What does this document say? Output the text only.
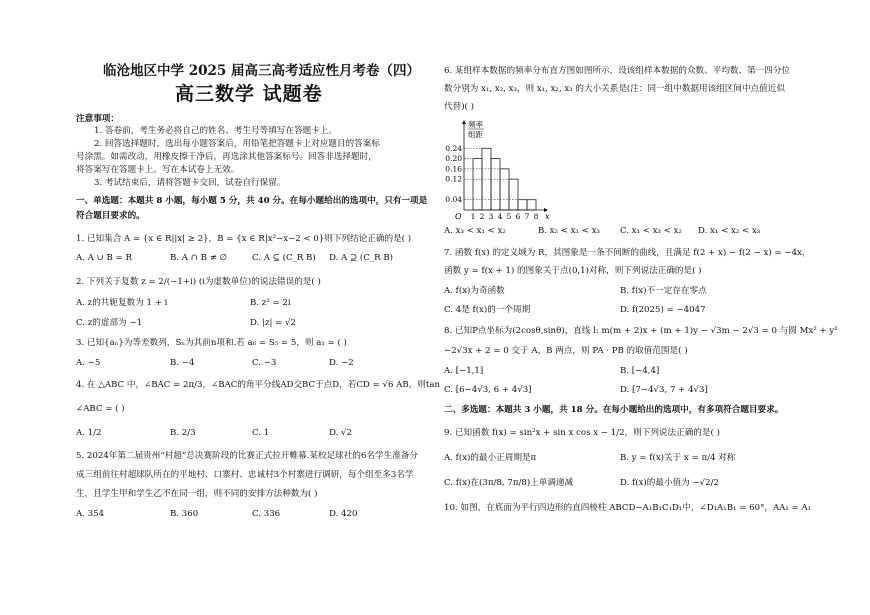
临沧地区中学 2025 届高三高考适应性月考卷（四）
高三数学 试题卷
注意事项：
1. 答卷前，考生务必将自己的姓名、考生号等填写在答题卡上。
2. 回答选择题时，选出每小题答案后，用铅笔把答题卡上对应题目的答案标
号涂黑。如需改动，用橡皮擦干净后，再选涂其他答案标号。回答非选择题时，
将答案写在答题卡上。写在本试卷上无效。
3. 考试结束后，请将答题卡交回，试卷自行保留。
一、单选题：本题共 8 小题，每小题 5 分，共 40 分。在每小题给出的选项中，只有一项是
符合题目要求的。
1. 已知集合 A = {x ∈ R||x| ≥ 2}，B = {x ∈ R|x²−x−2 < 0}则下列结论正确的是( )
A. A ∪ B = R	B. A ∩ B ≠ ∅	C. A ⊆ (C_R B) D. A ⊇ (C_R B)
2. 下列关于复数 z = 2/(−1+i) (i为虚数单位)的说法错误的是( )
A. z的共轭复数为 1 + i	B. z² = 2i
C. z的虚部为 −1	D. |z| = √2
3. 已知{aₙ}为等差数列，Sₙ为其前n项和.若 a₆ = S₅ = 5，则 a₁ = ( )
A. −5	B. −4	C. −3	D. −2
4. 在 △ABC 中，∠BAC = 2π/3，∠BAC的角平分线AD交BC于点D，若CD = √6 AB，则tan
∠ABC = ( )
A. 1/2	B. 2/3	C. 1	D. √2
5. 2024年第二届贵州“村超”总决赛阶段的比赛正式拉开帷幕.某校足球社的6名学生准备分
成三组前往村超球队所在的平地村、口寨村、忠诚村3个村寨进行调研，每个组至多3名学
生，且学生甲和学生乙不在同一组，则不同的安排方法种数为( )
A. 354	B. 360	C. 336	D. 420
6. 某组样本数据的频率分布直方图如图所示，设该组样本数据的众数、平均数、第一四分位
数分别为 x₁, x₂, x₃，则 x₁, x₂, x₃ 的大小关系是(注：同一组中数据用该组区间中点值近似
代替)( )
0.04
0.12
0.16
0.20
0.24
频率
组距
O 1 2 3 4 5 6 7 8 x
A. x₃ < x₁ < x₂	B. x₂ < x₁ < x₃ C. x₁ < x₃ < x₂ D. x₁ < x₂ < x₃
7. 函数 f(x) 的定义域为 R，其图象是一条不间断的曲线，且满足 f(2 + x) − f(2 − x) = −4x，
函数 y = f(x + 1) 的图象关于点(0,1)对称，则下列说法正确的是( )
A. f(x)为奇函数	B. f(x)不一定存在零点
C. 4是 f(x)的一个周期	D. f(2025) = −4047
8. 已知P点坐标为(2cosθ,sinθ)，直线 l: m(m + 2)x + (m + 1)y − √3m − 2√3 = 0 与圆 Mx² + y²
−2√3x + 2 = 0 交于 A，B 两点，则 PA · PB 的取值范围是( )
A. [−1,1]	B. [−4,4]
C. [6−4√3, 6 + 4√3]	D. [7−4√3, 7 + 4√3]
二、多选题：本题共 3 小题，共 18 分。在每小题给出的选项中，有多项符合题目要求。
9. 已知函数 f(x) = sin²x + sin x cos x − 1/2，则下列说法正确的是( )
A. f(x)的最小正周期是π	B. y = f(x)关于 x = π/4 对称
C. f(x)在(3π/8, 7π/8)上单调递减	D. f(x)的最小值为 −√2/2
10. 如图，在底面为平行四边形的直四棱柱 ABCD−A₁B₁C₁D₁中，∠D₁A₁B₁ = 60°，AA₁ = A₁
